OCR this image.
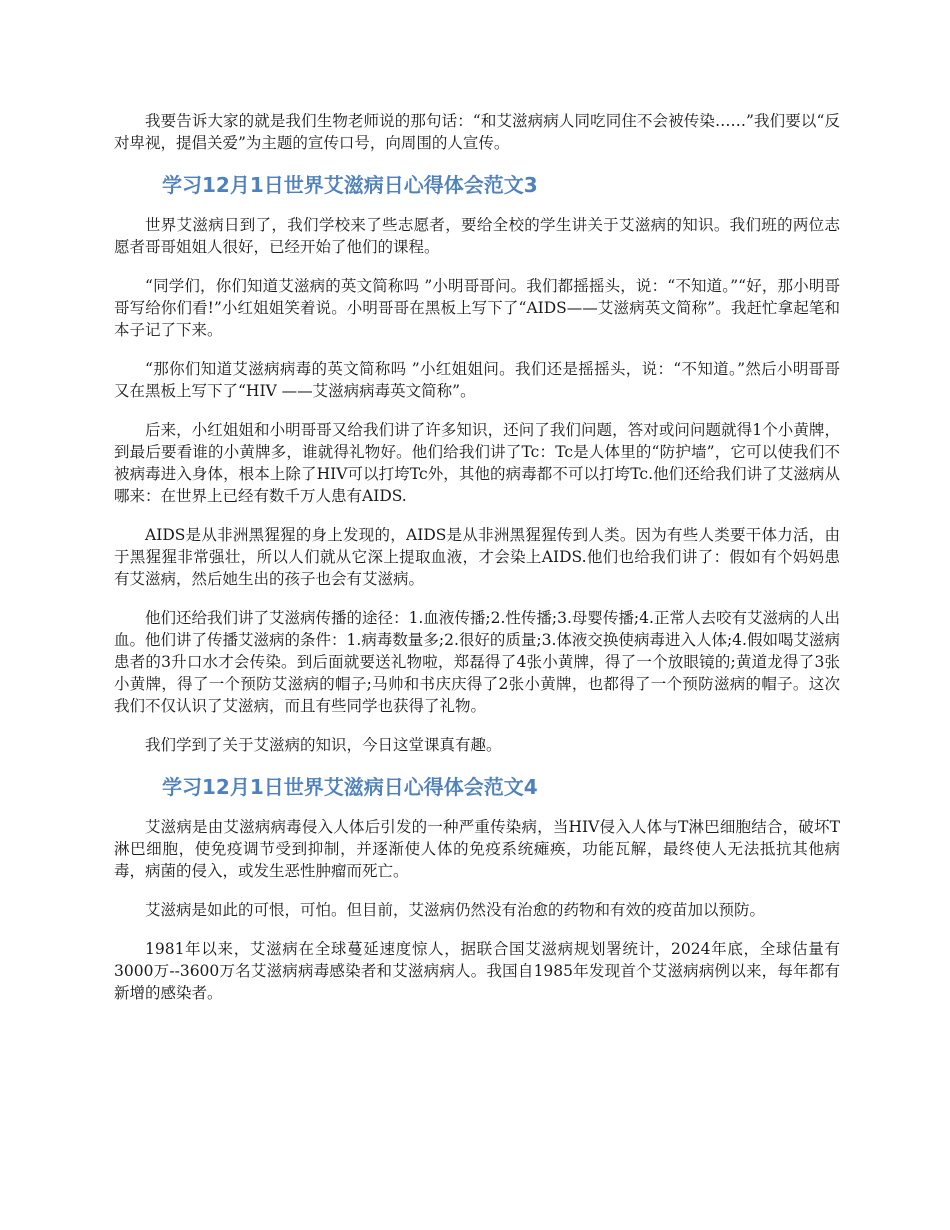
我要告诉大家的就是我们生物老师说的那句话：“和艾滋病病人同吃同住不会被传染……”我们要以“反对卑视，提倡关爱”为主题的宣传口号，向周围的人宣传。

学习12月1日世界艾滋病日心得体会范文3

世界艾滋病日到了，我们学校来了些志愿者，要给全校的学生讲关于艾滋病的知识。我们班的两位志愿者哥哥姐姐人很好，已经开始了他们的课程。

“同学们，你们知道艾滋病的英文简称吗 ”小明哥哥问。我们都摇摇头，说：“不知道。”“好，那小明哥哥写给你们看!”小红姐姐笑着说。小明哥哥在黑板上写下了“AIDS——艾滋病英文简称”。我赶忙拿起笔和本子记了下来。

“那你们知道艾滋病病毒的英文简称吗 ”小红姐姐问。我们还是摇摇头，说：“不知道。”然后小明哥哥又在黑板上写下了“HIV ——艾滋病病毒英文简称”。

后来，小红姐姐和小明哥哥又给我们讲了许多知识，还问了我们问题，答对或问问题就得1个小黄牌，到最后要看谁的小黄牌多，谁就得礼物好。他们给我们讲了Tc：Tc是人体里的“防护墙”，它可以使我们不被病毒进入身体，根本上除了HIV可以打垮Tc外，其他的病毒都不可以打垮Tc.他们还给我们讲了艾滋病从哪来：在世界上已经有数千万人患有AIDS.

AIDS是从非洲黑猩猩的身上发现的，AIDS是从非洲黑猩猩传到人类。因为有些人类要干体力活，由于黑猩猩非常强壮，所以人们就从它深上提取血液，才会染上AIDS.他们也给我们讲了：假如有个妈妈患有艾滋病，然后她生出的孩子也会有艾滋病。

他们还给我们讲了艾滋病传播的途径：1.血液传播;2.性传播;3.母婴传播;4.正常人去咬有艾滋病的人出血。他们讲了传播艾滋病的条件：1.病毒数量多;2.很好的质量;3.体液交换使病毒进入人体;4.假如喝艾滋病患者的3升口水才会传染。到后面就要送礼物啦，郑磊得了4张小黄牌，得了一个放眼镜的;黄道龙得了3张小黄牌，得了一个预防艾滋病的帽子;马帅和书庆庆得了2张小黄牌，也都得了一个预防滋病的帽子。这次我们不仅认识了艾滋病，而且有些同学也获得了礼物。

我们学到了关于艾滋病的知识，今日这堂课真有趣。

学习12月1日世界艾滋病日心得体会范文4

艾滋病是由艾滋病病毒侵入人体后引发的一种严重传染病，当HIV侵入人体与T淋巴细胞结合，破坏T淋巴细胞，使免疫调节受到抑制，并逐渐使人体的免疫系统瘫痪，功能瓦解，最终使人无法抵抗其他病毒，病菌的侵入，或发生恶性肿瘤而死亡。

艾滋病是如此的可恨，可怕。但目前，艾滋病仍然没有治愈的药物和有效的疫苗加以预防。

1981年以来，艾滋病在全球蔓延速度惊人，据联合国艾滋病规划署统计，2024年底，全球估量有3000万--3600万名艾滋病病毒感染者和艾滋病病人。我国自1985年发现首个艾滋病病例以来，每年都有新增的感染者。
